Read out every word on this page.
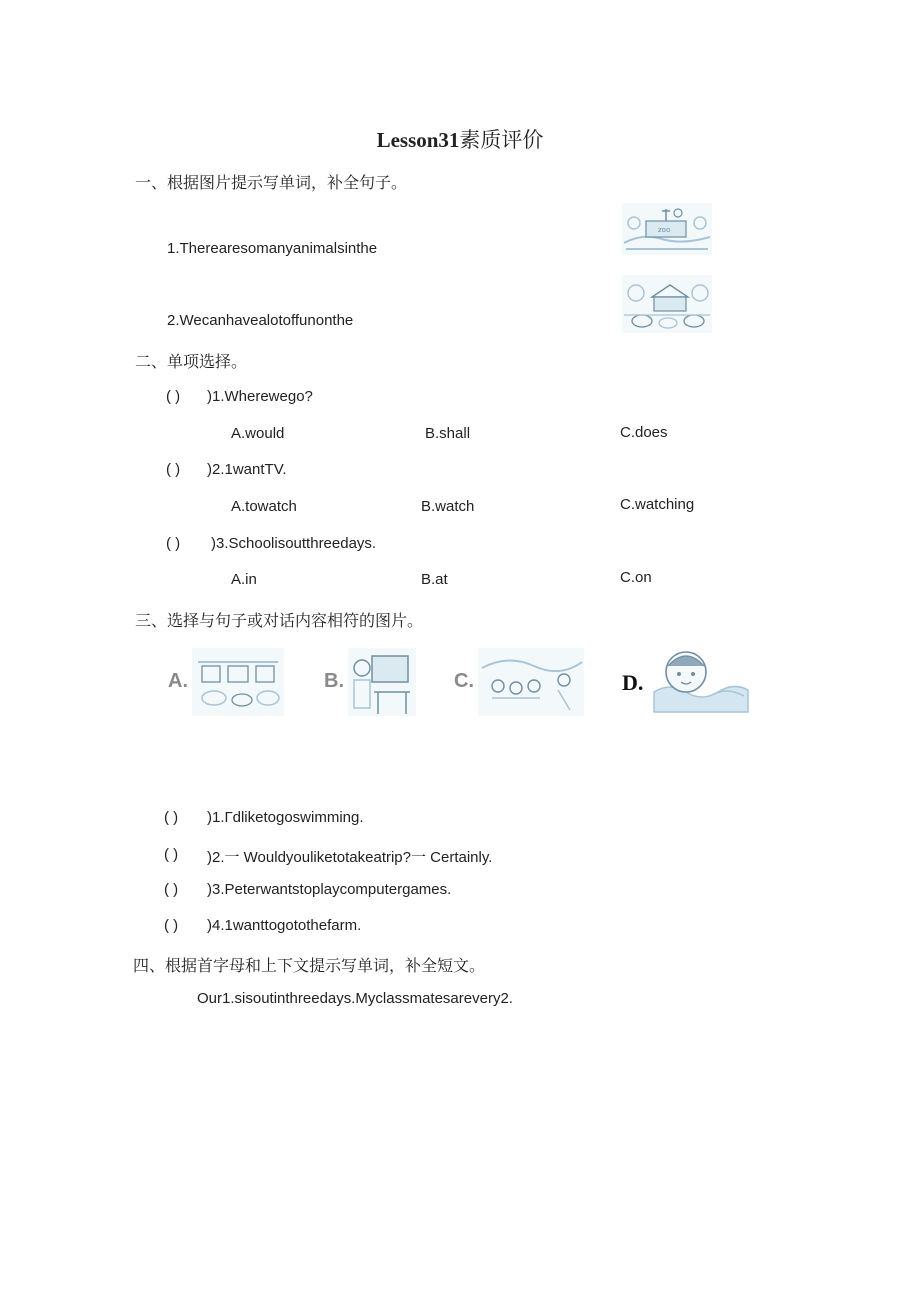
Lesson31素质评价
一、根据图片提示写单词，补全句子。
1.Therearesomanyanimalsinthe
2.Wecanhavealotoffunonthe
zoo
二、单项选择。
( ) )1.Wherewego?
A.would	B.shall	C.does
( ) )2.1wantTV.
A.towatch	B.watch	C.watching
( ) )3.Schoolisoutthreedays.
A.in	B.at	C.on
三、选择与句子或对话内容相符的图片。
A.	B.	C.	D.
( ) )1.Гdliketogoswimming.
( ) )2.一 Wouldyouliketotakeatrip?一 Certainly.
( ) )3.Peterwantstoplaycomputergames.
( ) )4.1wanttogotothefarm.
四、根据首字母和上下文提示写单词，补全短文。
Our1.sisoutinthreedays.Myclassmatesarevery2.
